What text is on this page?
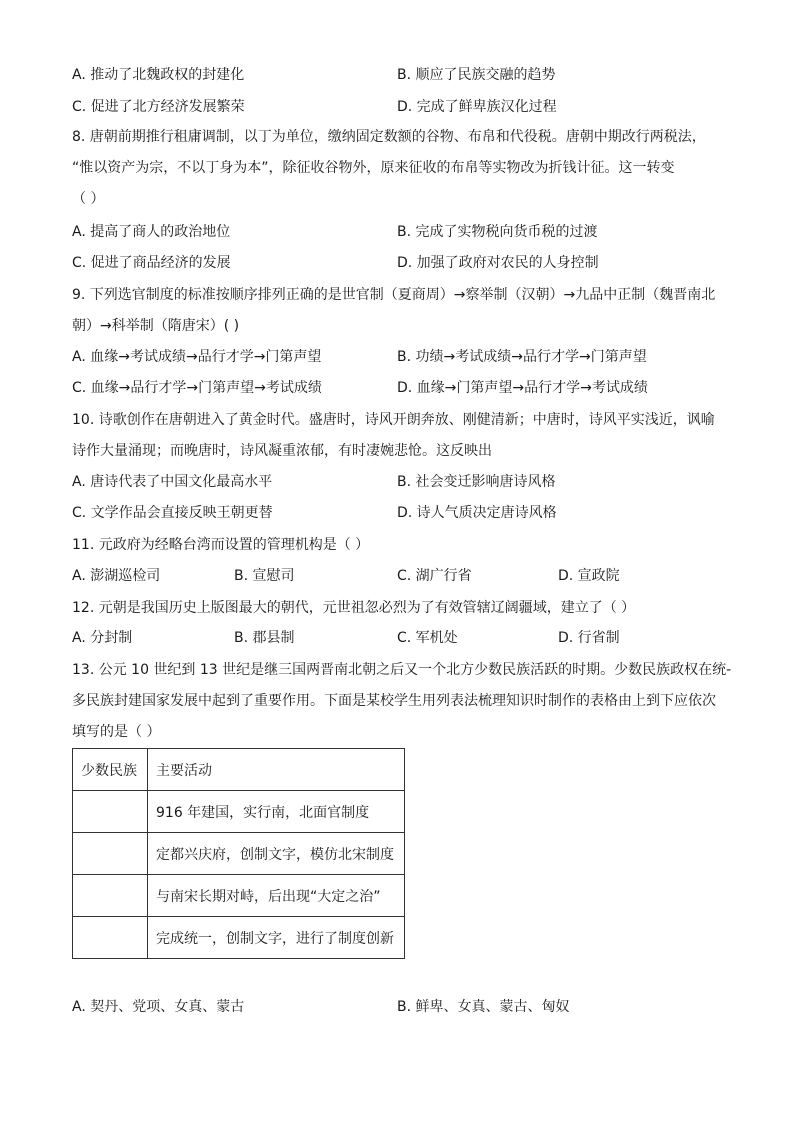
A. 推动了北魏政权的封建化	B. 顺应了民族交融的趋势
C. 促进了北方经济发展繁荣	D. 完成了鲜卑族汉化过程
8. 唐朝前期推行租庸调制，以丁为单位，缴纳固定数额的谷物、布帛和代役税。唐朝中期改行两税法，
“惟以资产为宗，不以丁身为本”，除征收谷物外，原来征收的布帛等实物改为折钱计征。这一转变
（ ）
A. 提高了商人的政治地位	B. 完成了实物税向货币税的过渡
C. 促进了商品经济的发展	D. 加强了政府对农民的人身控制
9. 下列选官制度的标准按顺序排列正确的是世官制（夏商周）→察举制（汉朝）→九品中正制（魏晋南北
朝）→科举制（隋唐宋）( )
A. 血缘→考试成绩→品行才学→门第声望	B. 功绩→考试成绩→品行才学→门第声望
C. 血缘→品行才学→门第声望→考试成绩	D. 血缘→门第声望→品行才学→考试成绩
10. 诗歌创作在唐朝进入了黄金时代。盛唐时，诗风开朗奔放、刚健清新；中唐时，诗风平实浅近，讽喻
诗作大量涌现；而晚唐时，诗风凝重浓郁，有时凄婉悲怆。这反映出
A. 唐诗代表了中国文化最高水平	B. 社会变迁影响唐诗风格
C. 文学作品会直接反映王朝更替	D. 诗人气质决定唐诗风格
11. 元政府为经略台湾而设置的管理机构是（ ）
A. 澎湖巡检司	B. 宣慰司	C. 湖广行省	D. 宣政院
12. 元朝是我国历史上版图最大的朝代，元世祖忽必烈为了有效管辖辽阔疆域，建立了（ ）
A. 分封制	B. 郡县制	C. 军机处	D. 行省制
13. 公元 10 世纪到 13 世纪是继三国两晋南北朝之后又一个北方少数民族活跃的时期。少数民族政权在统-
多民族封建国家发展中起到了重要作用。下面是某校学生用列表法梳理知识时制作的表格由上到下应依次
填写的是（ ）
少数民族	主要活动
	916 年建国，实行南，北面官制度
	定都兴庆府，创制文字，模仿北宋制度
	与南宋长期对峙，后出现“大定之治”
	完成统一，创制文字，进行了制度创新
A. 契丹、党项、女真、蒙古	B. 鲜卑、女真、蒙古、匈奴
